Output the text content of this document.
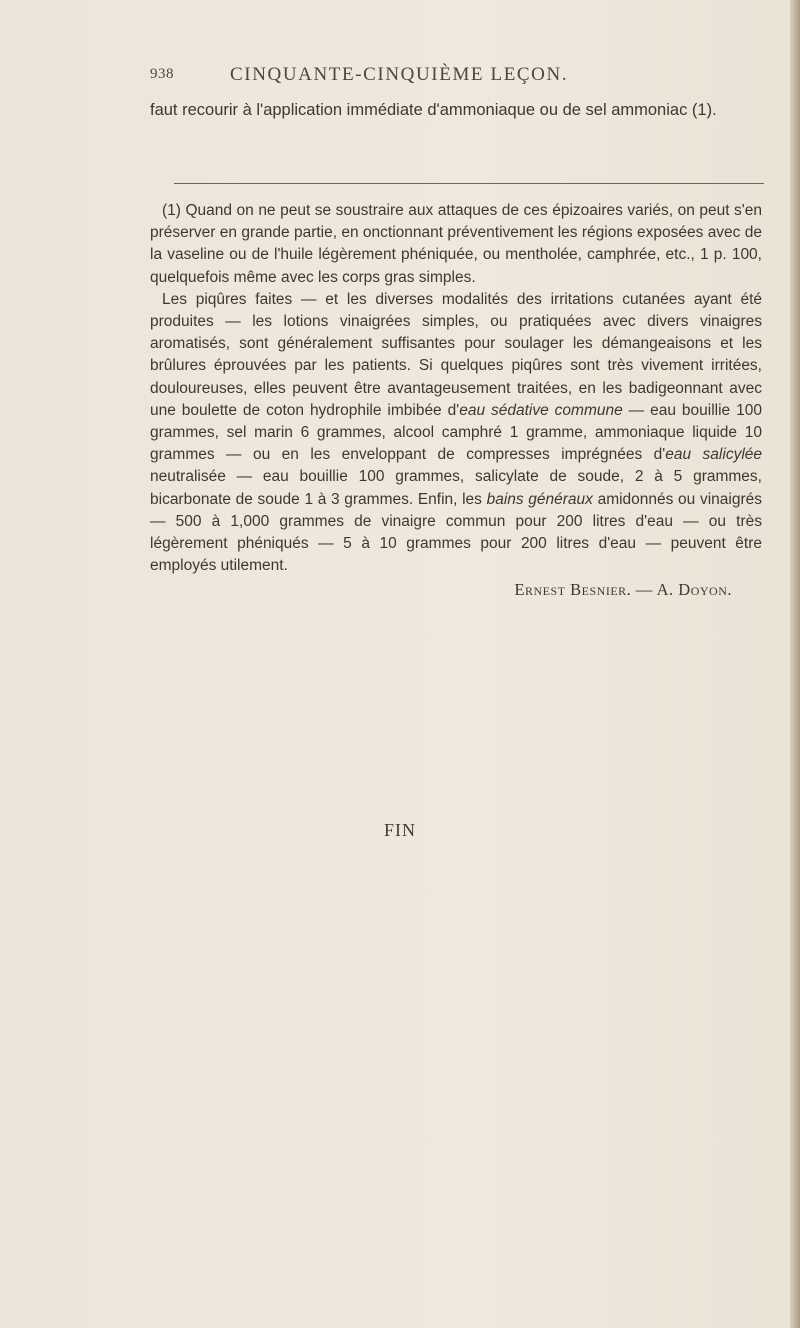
938	CINQUANTE-CINQUIÈME LEÇON.

faut recourir à l'application immédiate d'ammoniaque ou de sel ammoniac (1).

(1) Quand on ne peut se soustraire aux attaques de ces épizoaires variés, on peut s'en préserver en grande partie, en onctionnant préventivement les régions exposées avec de la vaseline ou de l'huile légèrement phéniquée, ou mentholée, camphrée, etc., 1 p. 100, quelquefois même avec les corps gras simples.

Les piqûres faites — et les diverses modalités des irritations cutanées ayant été produites — les lotions vinaigrées simples, ou pratiquées avec divers vinaigres aromatisés, sont généralement suffisantes pour soulager les démangeaisons et les brûlures éprouvées par les patients. Si quelques piqûres sont très vivement irritées, douloureuses, elles peuvent être avantageusement traitées, en les badigeonnant avec une boulette de coton hydrophile imbibée d'eau sédative commune — eau bouillie 100 grammes, sel marin 6 grammes, alcool camphré 1 gramme, ammoniaque liquide 10 grammes — ou en les enveloppant de compresses imprégnées d'eau salicylée neutralisée — eau bouillie 100 grammes, salicylate de soude, 2 à 5 grammes, bicarbonate de soude 1 à 3 grammes. Enfin, les bains généraux amidonnés ou vinaigrés — 500 à 1,000 grammes de vinaigre commun pour 200 litres d'eau — ou très légèrement phéniqués — 5 à 10 grammes pour 200 litres d'eau — peuvent être employés utilement.

Ernest Besnier. — A. Doyon.
FIN
